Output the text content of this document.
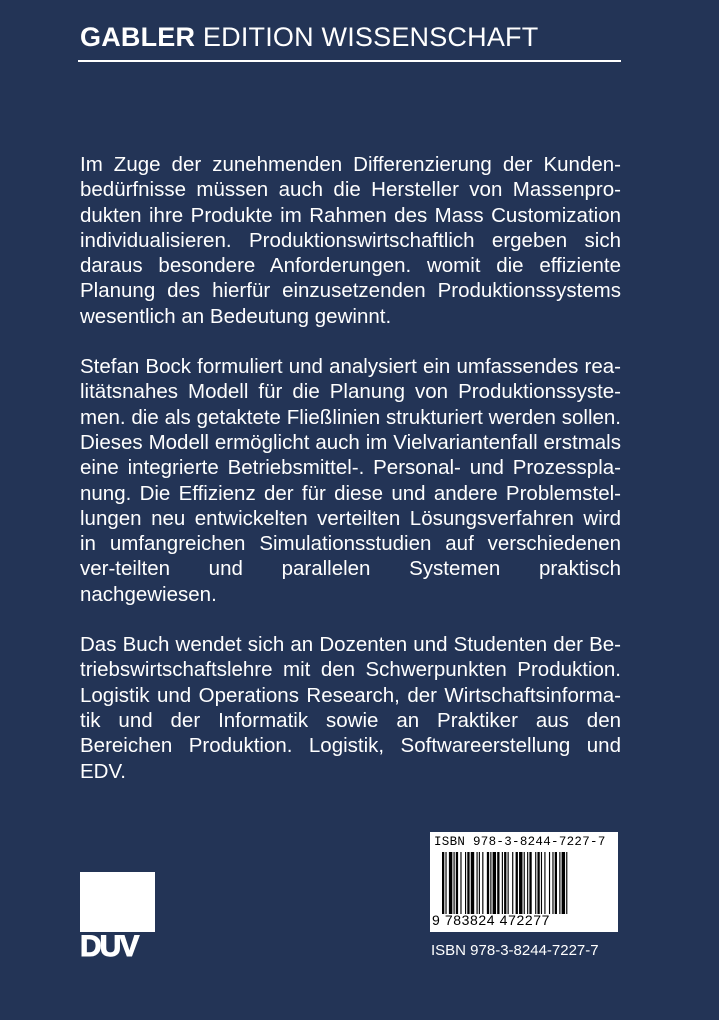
GABLER EDITION WISSENSCHAFT

Im Zuge der zunehmenden Differenzierung der Kunden-bedürfnisse müssen auch die Hersteller von Massenpro-dukten ihre Produkte im Rahmen des Mass Customization individualisieren. Produktionswirtschaftlich ergeben sich daraus besondere Anforderungen. womit die effiziente Planung des hierfür einzusetzenden Produktionssystems wesentlich an Bedeutung gewinnt.

Stefan Bock formuliert und analysiert ein umfassendes rea-litätsnahes Modell für die Planung von Produktionssyste-men. die als getaktete Fließlinien strukturiert werden sollen. Dieses Modell ermöglicht auch im Vielvariantenfall erstmals eine integrierte Betriebsmittel-. Personal- und Prozesspla-nung. Die Effizienz der für diese und andere Problemstel-lungen neu entwickelten verteilten Lösungsverfahren wird in umfangreichen Simulationsstudien auf verschiedenen ver-teilten und parallelen Systemen praktisch nachgewiesen.

Das Buch wendet sich an Dozenten und Studenten der Be-triebswirtschaftslehre mit den Schwerpunkten Produktion. Logistik und Operations Research, der Wirtschaftsinforma-tik und der Informatik sowie an Praktiker aus den Bereichen Produktion. Logistik, Softwareerstellung und EDV.

DUV
ISBN 978-3-8244-7227-7
9 783824 472277
ISBN 978-3-8244-7227-7
